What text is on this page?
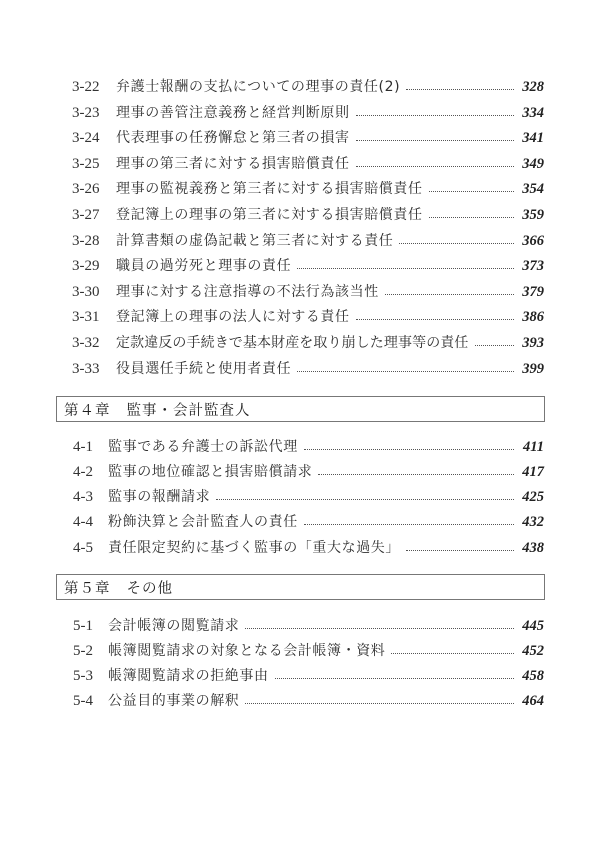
3-22	弁護士報酬の支払についての理事の責任(2)	328
3-23	理事の善管注意義務と経営判断原則	334
3-24	代表理事の任務懈怠と第三者の損害	341
3-25	理事の第三者に対する損害賠償責任	349
3-26	理事の監視義務と第三者に対する損害賠償責任	354
3-27	登記簿上の理事の第三者に対する損害賠償責任	359
3-28	計算書類の虚偽記載と第三者に対する責任	366
3-29	職員の過労死と理事の責任	373
3-30	理事に対する注意指導の不法行為該当性	379
3-31	登記簿上の理事の法人に対する責任	386
3-32	定款違反の手続きで基本財産を取り崩した理事等の責任	393
3-33	役員選任手続と使用者責任	399
第４章 監事・会計監査人
4-1	監事である弁護士の訴訟代理	411
4-2	監事の地位確認と損害賠償請求	417
4-3	監事の報酬請求	425
4-4	粉飾決算と会計監査人の責任	432
4-5	責任限定契約に基づく監事の「重大な過失」	438
第５章 その他
5-1	会計帳簿の閲覧請求	445
5-2	帳簿閲覧請求の対象となる会計帳簿・資料	452
5-3	帳簿閲覧請求の拒絶事由	458
5-4	公益目的事業の解釈	464
